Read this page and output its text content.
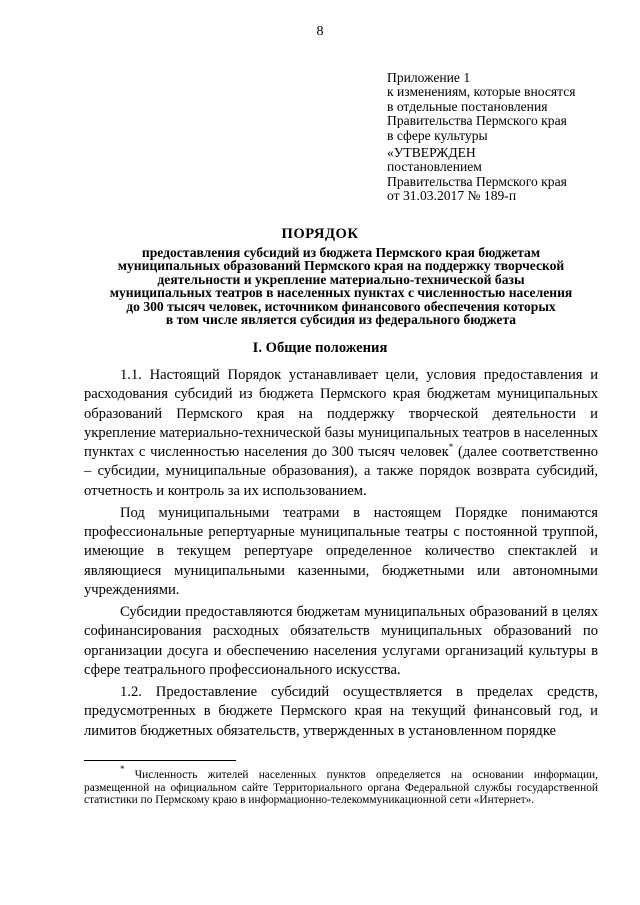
8
Приложение 1
к изменениям, которые вносятся
в отдельные постановления
Правительства Пермского края
в сфере культуры
«УТВЕРЖДЕН
постановлением
Правительства Пермского края
от 31.03.2017 № 189-п
ПОРЯДОК
предоставления субсидий из бюджета Пермского края бюджетам
муниципальных образований Пермского края на поддержку творческой
деятельности и укрепление материально-технической базы
муниципальных театров в населенных пунктах с численностью населения
до 300 тысяч человек, источником финансового обеспечения которых
в том числе является субсидия из федерального бюджета
I. Общие положения

1.1. Настоящий Порядок устанавливает цели, условия предоставления и расходования субсидий из бюджета Пермского края бюджетам муниципальных образований Пермского края на поддержку творческой деятельности и укрепление материально-технической базы муниципальных театров в населенных пунктах с численностью населения до 300 тысяч человек* (далее соответственно – субсидии, муниципальные образования), а также порядок возврата субсидий, отчетность и контроль за их использованием.

Под муниципальными театрами в настоящем Порядке понимаются профессиональные репертуарные муниципальные театры с постоянной труппой, имеющие в текущем репертуаре определенное количество спектаклей и являющиеся муниципальными казенными, бюджетными или автономными учреждениями.

Субсидии предоставляются бюджетам муниципальных образований в целях софинансирования расходных обязательств муниципальных образований по организации досуга и обеспечению населения услугами организаций культуры в сфере театрального профессионального искусства.

1.2. Предоставление субсидий осуществляется в пределах средств, предусмотренных в бюджете Пермского края на текущий финансовый год, и лимитов бюджетных обязательств, утвержденных в установленном порядке

* Численность жителей населенных пунктов определяется на основании информации, размещенной на официальном сайте Территориального органа Федеральной службы государственной статистики по Пермскому краю в информационно-телекоммуникационной сети «Интернет».
